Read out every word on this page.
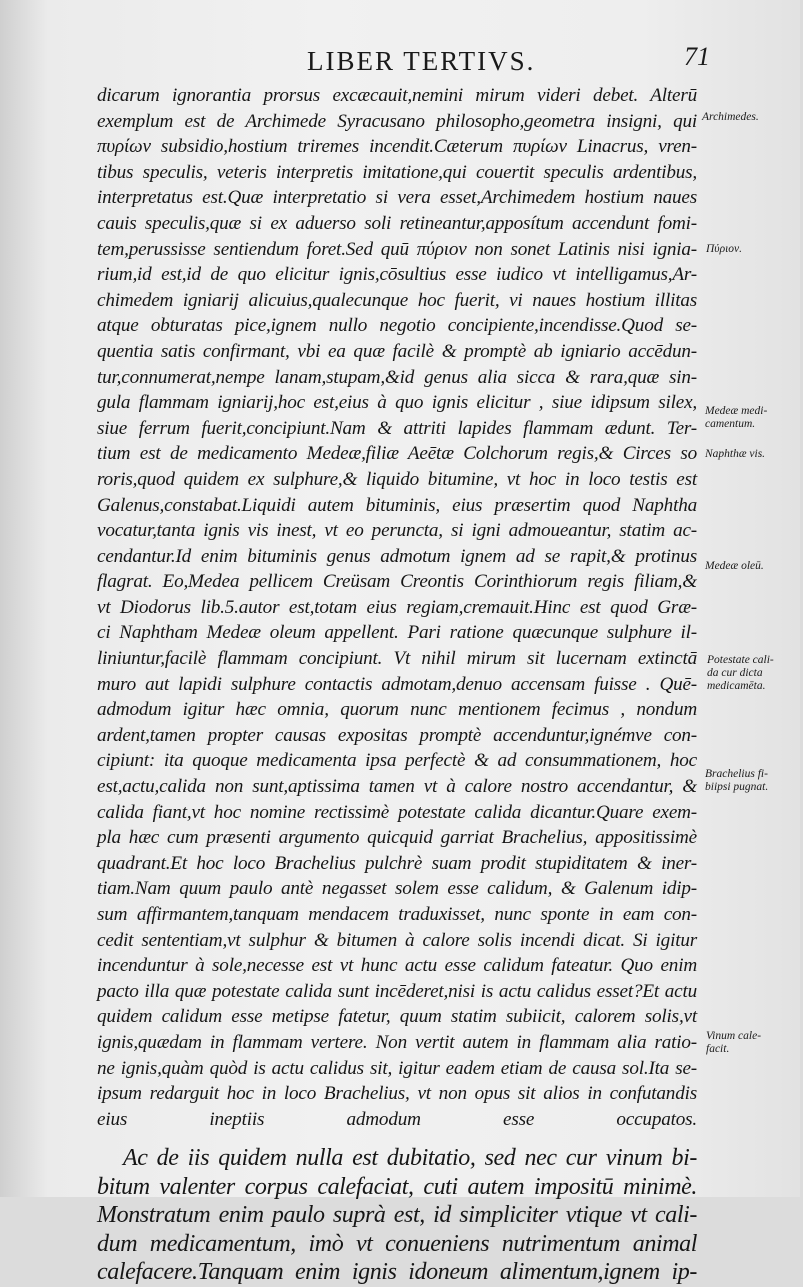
LIBER TERTIVS.	71
dicarum ignorantia prorsus excæcauit,nemini mirum videri debet. Alterū
exemplum est de Archimede Syracusano philosopho,geometra insigni, qui
πυρίων subsidio,hostium triremes incendit.Cæterum πυρίων Linacrus, vren-
tibus speculis, veteris interpretis imitatione,qui couertit speculis ardentibus,
interpretatus est.Quæ interpretatio si vera esset,Archimedem hostium naues
cauis speculis,quæ si ex aduerso soli retineantur,apposítum accendunt fomi-
tem,perussisse sentiendum foret.Sed quū πύριον non sonet Latinis nisi ignia-
rium,id est,id de quo elicitur ignis,cōsultius esse iudico vt intelligamus,Ar-
chimedem igniarij alicuius,qualecunque hoc fuerit, vi naues hostium illitas
atque obturatas pice,ignem nullo negotio concipiente,incendisse.Quod se-
quentia satis confirmant, vbi ea quæ facilè & promptè ab igniario accēdun-
tur,connumerat,nempe lanam,stupam,&id genus alia sicca & rara,quæ sin-
gula flammam igniarij,hoc est,eius à quo ignis elicitur , siue idipsum silex,
siue ferrum fuerit,concipiunt.Nam & attriti lapides flammam ædunt. Ter-
tium est de medicamento Medeæ,filiæ Aeētæ Colchorum regis,& Circes so
roris,quod quidem ex sulphure,& liquido bitumine, vt hoc in loco testis est
Galenus,constabat.Liquidi autem bituminis, eius præsertim quod Naphtha
vocatur,tanta ignis vis inest, vt eo peruncta, si igni admoueantur, statim ac-
cendantur.Id enim bituminis genus admotum ignem ad se rapit,& protinus
flagrat. Eo,Medea pellicem Creüsam Creontis Corinthiorum regis filiam,&
vt Diodorus lib.5.autor est,totam eius regiam,cremauit.Hinc est quod Græ-
ci Naphtham Medeæ oleum appellent. Pari ratione quæcunque sulphure il-
liniuntur,facilè flammam concipiunt. Vt nihil mirum sit lucernam extinctā
muro aut lapidi sulphure contactis admotam,denuo accensam fuisse . Quē-
admodum igitur hæc omnia, quorum nunc mentionem fecimus , nondum
ardent,tamen propter causas expositas promptè accenduntur,ignémve con-
cipiunt: ita quoque medicamenta ipsa perfectè & ad consummationem, hoc
est,actu,calida non sunt,aptissima tamen vt à calore nostro accendantur, &
calida fiant,vt hoc nomine rectissimè potestate calida dicantur.Quare exem-
pla hæc cum præsenti argumento quicquid garriat Brachelius, appositissimè
quadrant.Et hoc loco Brachelius pulchrè suam prodit stupiditatem & iner-
tiam.Nam quum paulo antè negasset solem esse calidum, & Galenum idip-
sum affirmantem,tanquam mendacem traduxisset, nunc sponte in eam con-
cedit sententiam,vt sulphur & bitumen à calore solis incendi dicat. Si igitur
incenduntur à sole,necesse est vt hunc actu esse calidum fateatur. Quo enim
pacto illa quæ potestate calida sunt incēderet,nisi is actu calidus esset?Et actu
quidem calidum esse metipse fatetur, quum statim subiicit, calorem solis,vt
ignis,quædam in flammam vertere. Non vertit autem in flammam alia ratio-
ne ignis,quàm quòd is actu calidus sit, igitur eadem etiam de causa sol.Ita se-
ipsum redarguit hoc in loco Brachelius, vt non opus sit alios in confutandis
eius ineptiis admodum esse occupatos.
Ac de iis quidem nulla est dubitatio, sed nec cur vinum bi-
bitum valenter corpus calefaciat, cuti autem impositū minimè.
Monstratum enim paulo suprà est, id simpliciter vtique vt cali-
dum medicamentum, imò vt conueniens nutrimentum animal
calefacere.Tanquam enim ignis idoneum alimentum,ignem ip-
Archimedes.
Πύριον.
Medeæ medi-
camentum.
Naphthæ vis.
Medeæ oleū.
Potestate cali-
da cur dicta
medicamēta.
Brachelius fi-
biipsi pugnat.
Vinum cale-
facit.
